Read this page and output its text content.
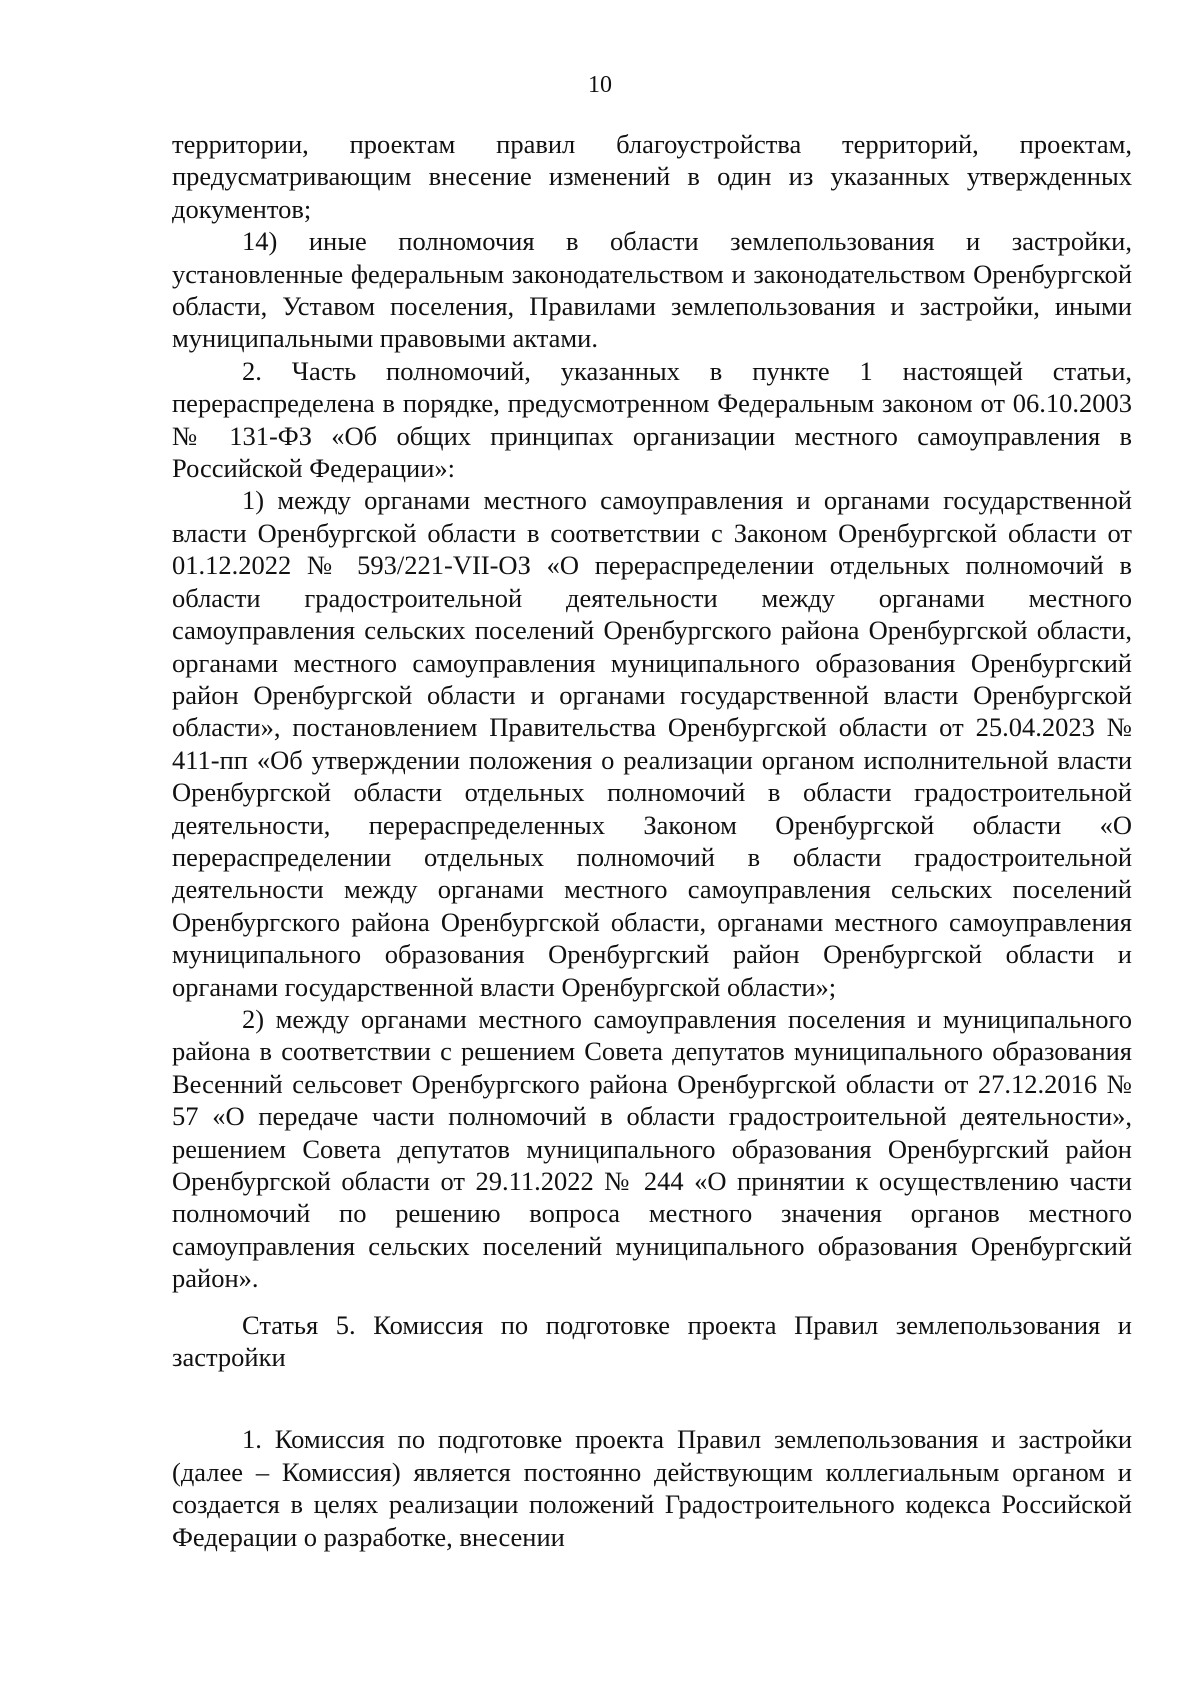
10

территории, проектам правил благоустройства территорий, проектам, предусматривающим внесение изменений в один из указанных утвержденных документов;

14) иные полномочия в области землепользования и застройки, установленные федеральным законодательством и законодательством Оренбургской области, Уставом поселения, Правилами землепользования и застройки, иными муниципальными правовыми актами.

2. Часть полномочий, указанных в пункте 1 настоящей статьи, перераспределена в порядке, предусмотренном Федеральным законом от 06.10.2003 № 131-ФЗ «Об общих принципах организации местного самоуправления в Российской Федерации»:

1) между органами местного самоуправления и органами государственной власти Оренбургской области в соответствии с Законом Оренбургской области от 01.12.2022 № 593/221-VII-ОЗ «О перераспределении отдельных полномочий в области градостроительной деятельности между органами местного самоуправления сельских поселений Оренбургского района Оренбургской области, органами местного самоуправления муниципального образования Оренбургский район Оренбургской области и органами государственной власти Оренбургской области», постановлением Правительства Оренбургской области от 25.04.2023 № 411-пп «Об утверждении положения о реализации органом исполнительной власти Оренбургской области отдельных полномочий в области градостроительной деятельности, перераспределенных Законом Оренбургской области «О перераспределении отдельных полномочий в области градостроительной деятельности между органами местного самоуправления сельских поселений Оренбургского района Оренбургской области, органами местного самоуправления муниципального образования Оренбургский район Оренбургской области и органами государственной власти Оренбургской области»;

2) между органами местного самоуправления поселения и муниципального района в соответствии с решением Совета депутатов муниципального образования Весенний сельсовет Оренбургского района Оренбургской области от 27.12.2016 № 57 «О передаче части полномочий в области градостроительной деятельности», решением Совета депутатов муниципального образования Оренбургский район Оренбургской области от 29.11.2022 № 244 «О принятии к осуществлению части полномочий по решению вопроса местного значения органов местного самоуправления сельских поселений муниципального образования Оренбургский район».

Статья 5. Комиссия по подготовке проекта Правил землепользования и застройки

1. Комиссия по подготовке проекта Правил землепользования и застройки (далее – Комиссия) является постоянно действующим коллегиальным органом и создается в целях реализации положений Градостроительного кодекса Российской Федерации о разработке, внесении
